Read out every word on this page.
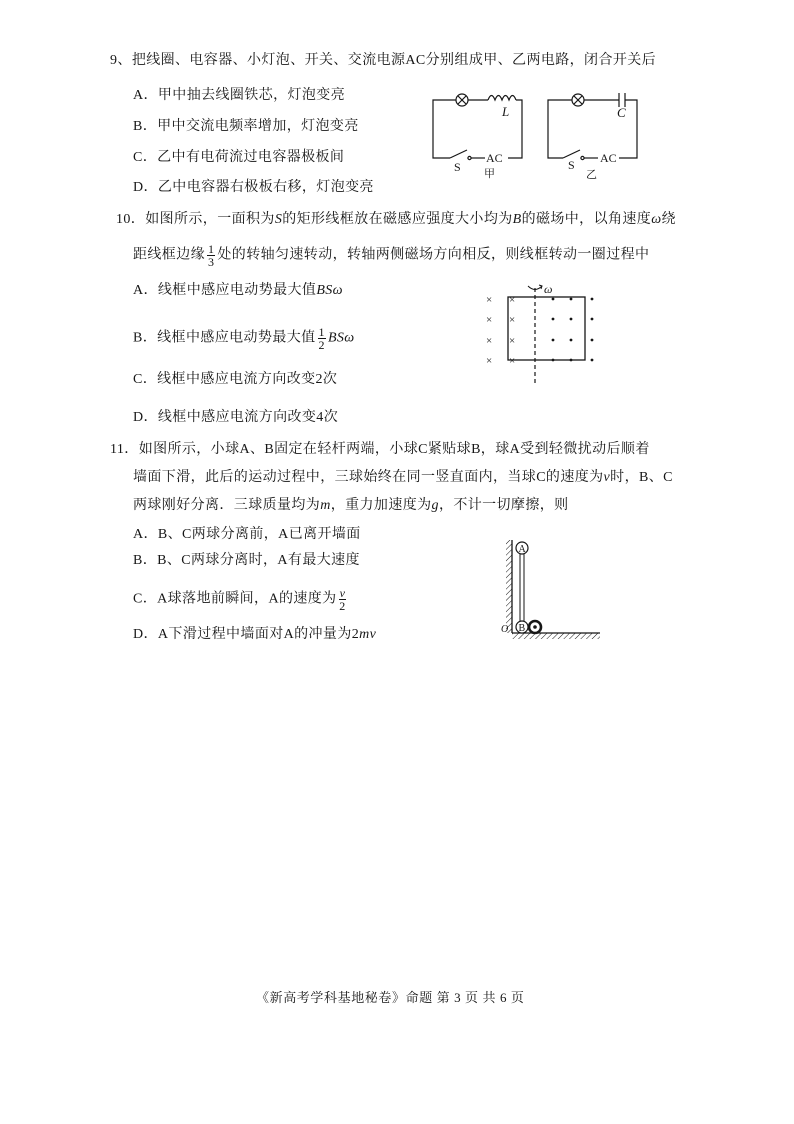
9、把线圈、电容器、小灯泡、开关、交流电源AC分别组成甲、乙两电路，闭合开关后
A．甲中抽去线圈铁芯，灯泡变亮
B．甲中交流电频率增加，灯泡变亮
C．乙中有电荷流过电容器极板间
D．乙中电容器右极板右移，灯泡变亮
L
S
AC
甲
C
S AC
乙
10．如图所示，一面积为S的矩形线框放在磁感应强度大小均为B的磁场中，以角速度ω绕
距线框边缘 $\frac{1}{3}$ 处的转轴匀速转动，转轴两侧磁场方向相反，则线框转动一圈过程中
A．线框中感应电动势最大值BSω
B．线框中感应电动势最大值 $\frac{1}{2}$ BSω
C．线框中感应电流方向改变2次
D．线框中感应电流方向改变4次
ω
× ×
× ×
× ×
× ×
11．如图所示，小球A、B固定在轻杆两端，小球C紧贴球B，球A受到轻微扰动后顺着
墙面下滑，此后的运动过程中，三球始终在同一竖直面内，当球C的速度为v时，B、C
两球刚好分离．三球质量均为m，重力加速度为g，不计一切摩擦，则
A．B、C两球分离前，A已离开墙面
B．B、C两球分离时，A有最大速度
C．A球落地前瞬间，A的速度为 $\frac{v}{2}$
D．A下滑过程中墙面对A的冲量为2mv
A
B
O
《新高考学科基地秘卷》命题 第 3 页 共 6 页
